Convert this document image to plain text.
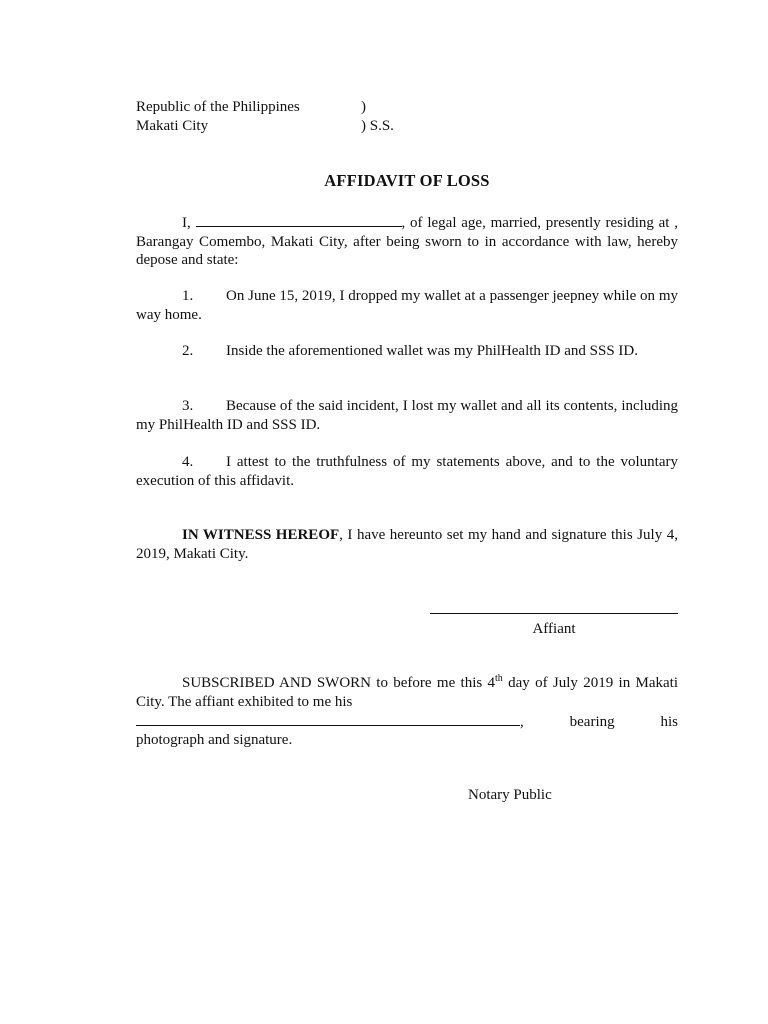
Republic of the Philippines	)
Makati City	) S.S.
AFFIDAVIT OF LOSS

I,	, of legal age, married, presently residing at , Barangay Comembo, Makati City, after being sworn to in accordance with law, hereby depose and state:

1. On June 15, 2019, I dropped my wallet at a passenger jeepney while on my way home.

2. Inside the aforementioned wallet was my PhilHealth ID and SSS ID.

3. Because of the said incident, I lost my wallet and all its contents, including my PhilHealth ID and SSS ID.

4. I attest to the truthfulness of my statements above, and to the voluntary execution of this affidavit.

IN WITNESS HEREOF, I have hereunto set my hand and signature this July 4, 2019, Makati City.

Affiant

SUBSCRIBED AND SWORN to before me this 4th day of July 2019 in Makati City. The affiant exhibited to me his

, bearing his

photograph and signature.

Notary Public
